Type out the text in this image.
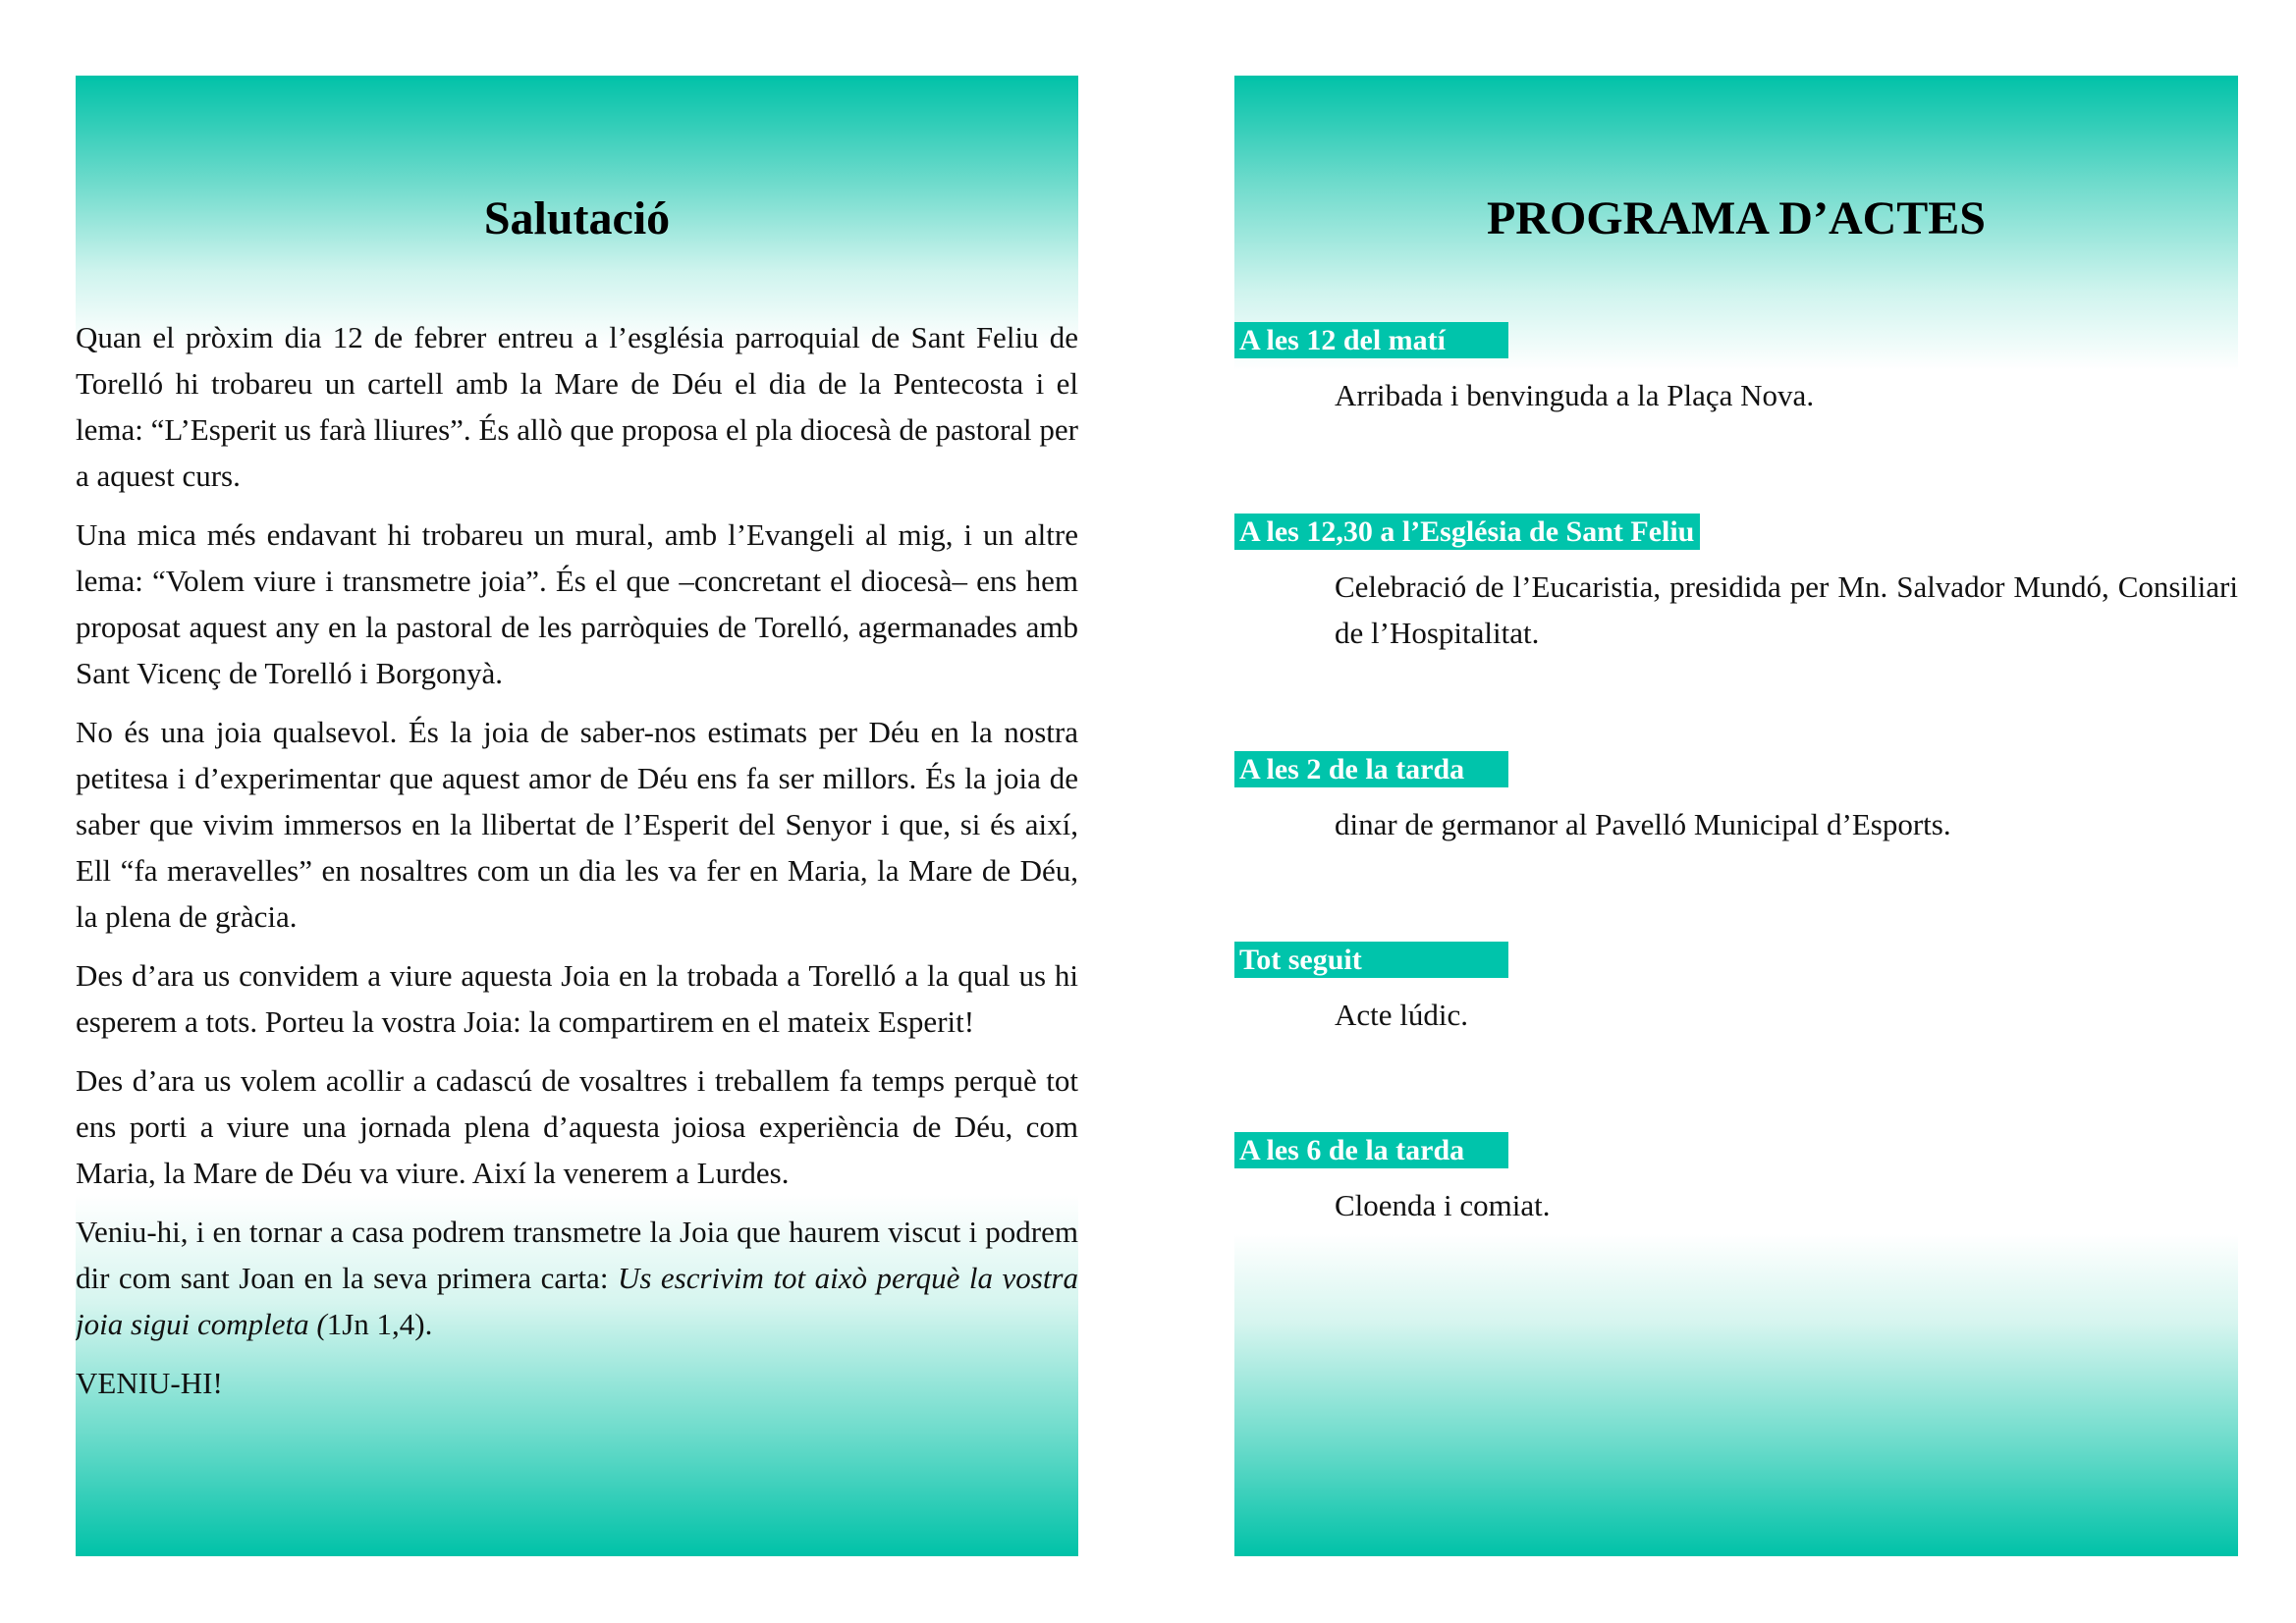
Salutació

Quan el pròxim dia 12 de febrer entreu a l’església parroquial de Sant Feliu de Torelló hi trobareu un cartell amb la Mare de Déu el dia de la Pentecosta i el lema: “L’Esperit us farà lliures”. És allò que proposa el pla diocesà de pastoral per a aquest curs.

Una mica més endavant hi trobareu un mural, amb l’Evangeli al mig, i un altre lema: “Volem viure i transmetre joia”. És el que –concretant el diocesà– ens hem proposat aquest any en la pastoral de les parròquies de Torelló, agermanades amb Sant Vicenç de Torelló i Borgonyà.

No és una joia qualsevol. És la joia de saber-nos estimats per Déu en la nostra petitesa i d’experimentar que aquest amor de Déu ens fa ser millors. És la joia de saber que vivim immersos en la llibertat de l’Esperit del Senyor i que, si és així, Ell “fa meravelles” en nosaltres com un dia les va fer en Maria, la Mare de Déu, la plena de gràcia.

Des d’ara us convidem a viure aquesta Joia en la trobada a Torelló a la qual us hi esperem a tots. Porteu la vostra Joia: la compartirem en el mateix Esperit!

Des d’ara us volem acollir a cadascú de vosaltres i treballem fa temps perquè tot ens porti a viure una jornada plena d’aquesta joiosa experiència de Déu, com Maria, la Mare de Déu va viure. Així la venerem a Lurdes.

Veniu-hi, i en tornar a casa podrem transmetre la Joia que haurem viscut i podrem dir com sant Joan en la seva primera carta: Us escrivim tot això perquè la vostra joia sigui completa (1Jn 1,4).

VENIU-HI!

PROGRAMA D’ACTES
A les 12 del matí
Arribada i benvinguda a la Plaça Nova.
A les 12,30 a l’Església de Sant Feliu
Celebració de l’Eucaristia, presidida per Mn. Salvador Mundó, Consiliari de l’Hospitalitat.
A les 2 de la tarda
dinar de germanor al Pavelló Municipal d’Esports.
Tot seguit
Acte lúdic.
A les 6 de la tarda
Cloenda i comiat.
